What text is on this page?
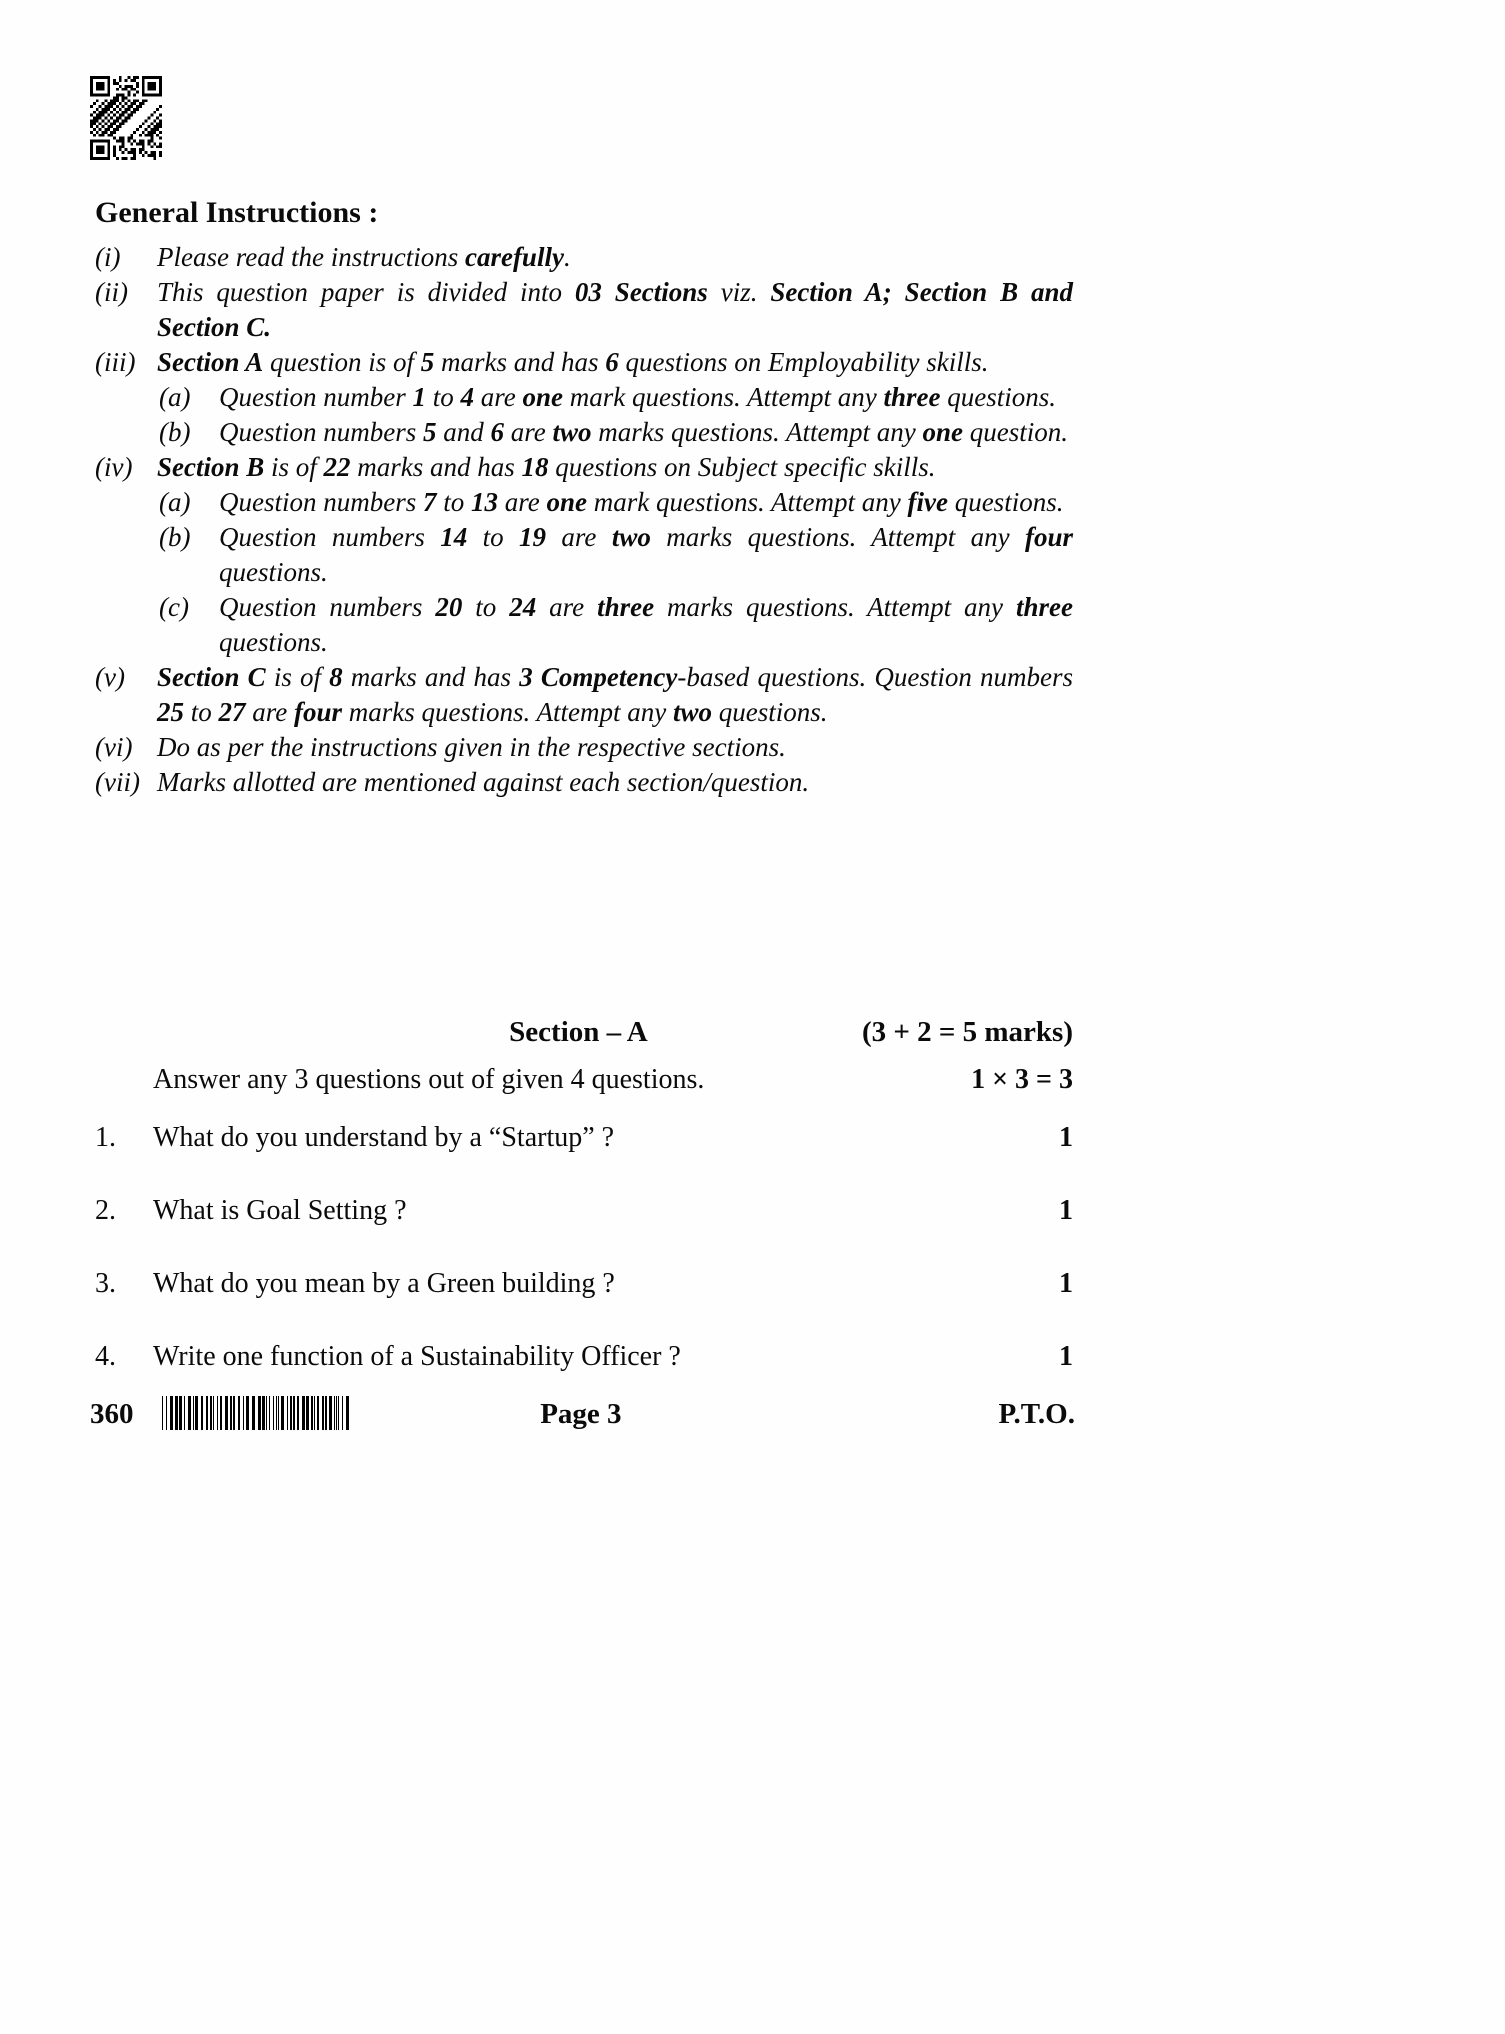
General Instructions :
(i)	Please read the instructions carefully.
(ii)	This question paper is divided into 03 Sections viz. Section A; Section B and Section C.
(iii) Section A question is of 5 marks and has 6 questions on Employability skills.
(a)	Question number 1 to 4 are one mark questions. Attempt any three questions.
(b)	Question numbers 5 and 6 are two marks questions. Attempt any one question.
(iv) Section B is of 22 marks and has 18 questions on Subject specific skills.
(a)	Question numbers 7 to 13 are one mark questions. Attempt any five questions.
(b)	Question numbers 14 to 19 are two marks questions. Attempt any four questions.
(c)	Question numbers 20 to 24 are three marks questions. Attempt any three questions.
(v)	Section C is of 8 marks and has 3 Competency-based questions. Question numbers 25 to 27 are four marks questions. Attempt any two questions.
(vi) Do as per the instructions given in the respective sections.
(vii) Marks allotted are mentioned against each section/question.
Section – A	(3 + 2 = 5 marks)
Answer any 3 questions out of given 4 questions.	1 × 3 = 3
1.	What do you understand by a “Startup” ?	1
2.	What is Goal Setting ?	1
3.	What do you mean by a Green building ?	1
4.	Write one function of a Sustainability Officer ?	1
360	Page 3	P.T.O.
